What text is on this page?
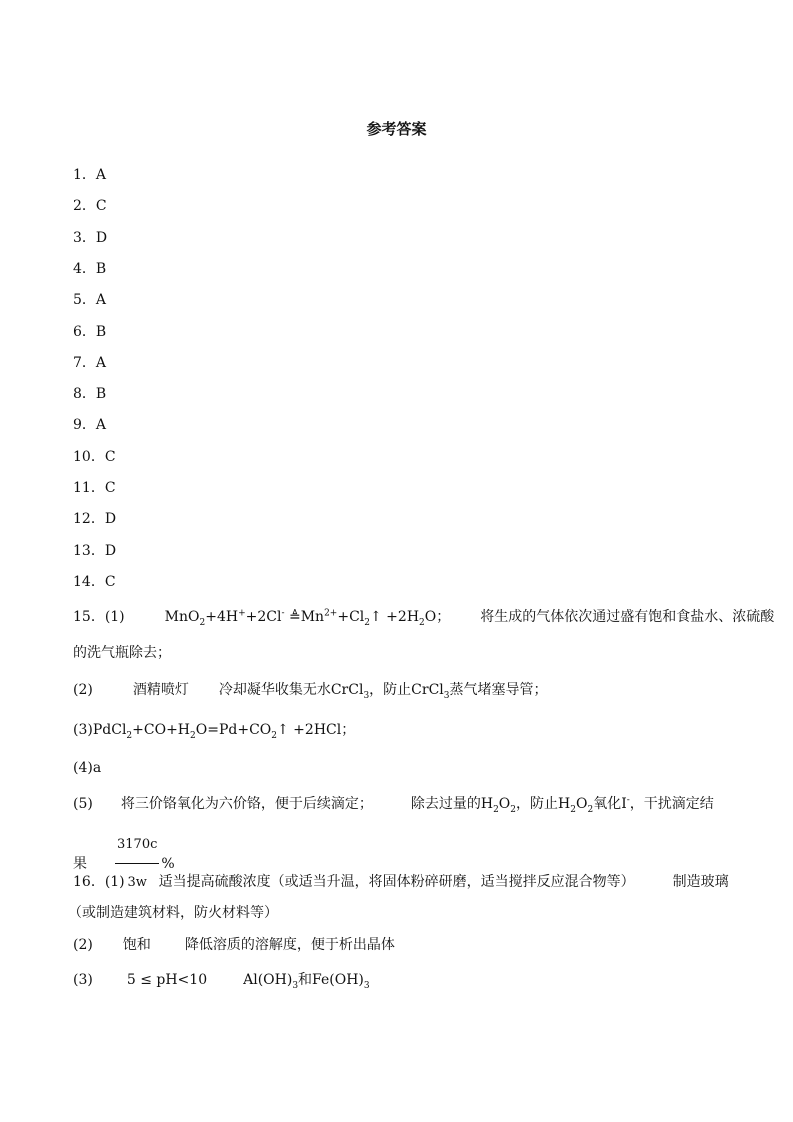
参考答案
1．A
2．C
3．D
4．B
5．A
6．B
7．A
8．B
9．A
10．C
11．C
12．D
13．D
14．C
15．(1)	MnO$_2$+4H++2Cl- $≜Mn^{2+}+Cl_2↑ +2H_2O$； 将生成的气体依次通过盛有饱和食盐水、浓硫酸
的洗气瓶除去；
(2)	酒精喷灯 冷却凝华收集无水CrCl$_3$，防止CrCl$_3$蒸气堵塞导管；
$(3)PdCl_2+CO+H_2O=Pd+CO_2↑ +2HCl$；
(4)a
(5) 将三价铬氧化为六价铬，便于后续滴定；	除去过量的$H_2O_2$，防止$H_2O_2$氧化I-，干扰滴定结
果 $\frac{3170c}{3w}$ %
16．(1) 适当提高硫酸浓度（或适当升温，将固体粉碎研磨，适当搅拌反应混合物等）	制造玻璃
（或制造建筑材料，防火材料等）
(2) 饱和 降低溶质的溶解度，便于析出晶体
(3) 5 ≤ pH<10	$Al(OH)_3$和$Fe(OH)_3$
